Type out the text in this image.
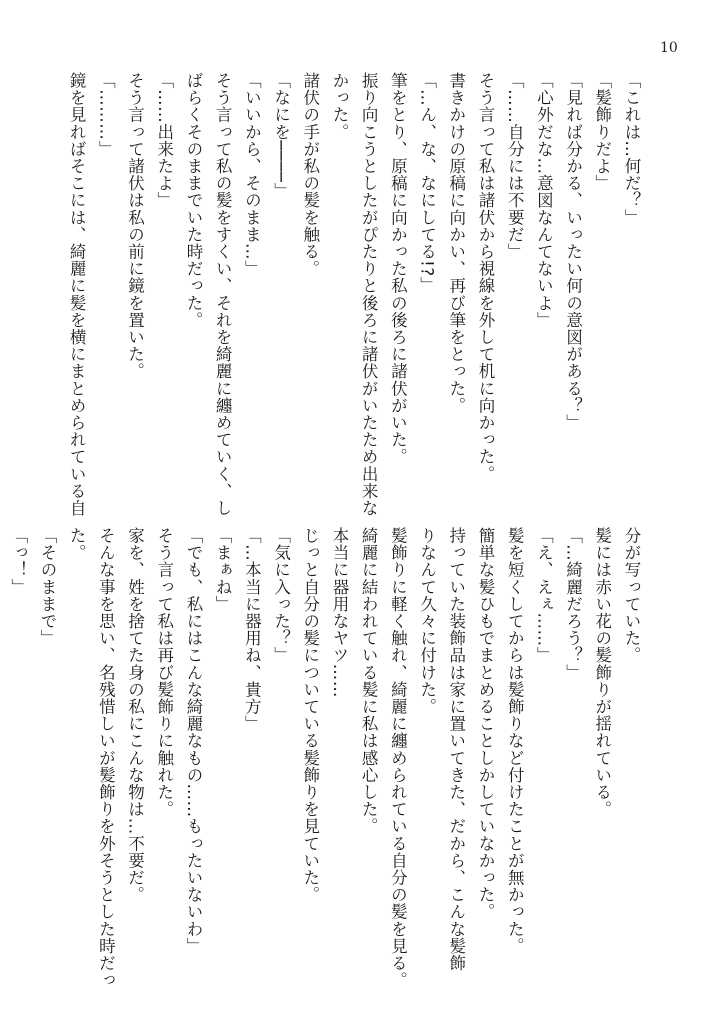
10
「これは…何だ？」
「髪飾りだよ」
「見れば分かる、いったい何の意図がある？」
「心外だな…意図なんてないよ」
「……自分には不要だ」
そう言って私は諸伏から視線を外して机に向かった。
書きかけの原稿に向かい、再び筆をとった。
「…ん、な、なにしてる!?」
筆をとり、原稿に向かった私の後ろに諸伏がいた。
振り向こうとしたがぴたりと後ろに諸伏がいたため出来な
かった。
諸伏の手が私の髪を触る。
「なにを────」
「いいから、そのまま…」
そう言って私の髪をすくい、それを綺麗に纏めていく、し
ばらくそのままでいた時だった。
「……出来たよ」
そう言って諸伏は私の前に鏡を置いた。
「………」
鏡を見ればそこには、綺麗に髪を横にまとめられている自
分が写っていた。
髪には赤い花の髪飾りが揺れている。
「…綺麗だろう？」
「え、えぇ……」
髪を短くしてからは髪飾りなど付けたことが無かった。
簡単な髪ひもでまとめることしかしていなかった。
持っていた装飾品は家に置いてきた、だから、こんな髪飾
りなんて久々に付けた。
髪飾りに軽く触れ、綺麗に纏められている自分の髪を見る。
綺麗に結われている髪に私は感心した。
本当に器用なヤツ……
じっと自分の髪についている髪飾りを見ていた。
「気に入った？」
「…本当に器用ね、貴方」
「まぁね」
「でも、私にはこんな綺麗なもの……もったいないわ」
そう言って私は再び髪飾りに触れた。
家を、姓を捨てた身の私にこんな物は…不要だ。
そんな事を思い、名残惜しいが髪飾りを外そうとした時だっ
た。
「そのままで」
「っ！」
